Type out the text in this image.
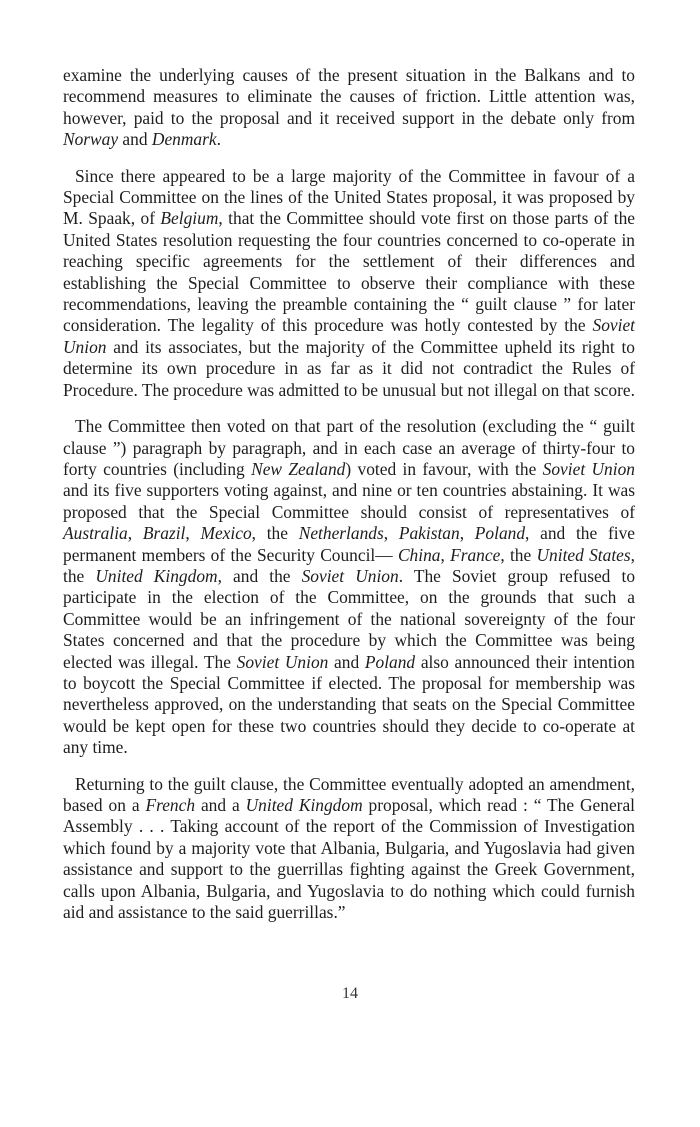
examine the underlying causes of the present situation in the Balkans and to recommend measures to eliminate the causes of friction. Little attention was, however, paid to the proposal and it received support in the debate only from Norway and Denmark.

Since there appeared to be a large majority of the Committee in favour of a Special Committee on the lines of the United States proposal, it was proposed by M. Spaak, of Belgium, that the Committee should vote first on those parts of the United States resolution requesting the four countries concerned to co-operate in reaching specific agreements for the settlement of their differences and establishing the Special Committee to observe their compliance with these recommendations, leaving the preamble containing the “ guilt clause ” for later consideration. The legality of this procedure was hotly contested by the Soviet Union and its associates, but the majority of the Committee upheld its right to determine its own procedure in as far as it did not contradict the Rules of Procedure. The procedure was admitted to be unusual but not illegal on that score.

The Committee then voted on that part of the resolution (excluding the “ guilt clause ”) paragraph by paragraph, and in each case an average of thirty-four to forty countries (including New Zealand) voted in favour, with the Soviet Union and its five supporters voting against, and nine or ten countries abstaining. It was proposed that the Special Committee should consist of representatives of Australia, Brazil, Mexico, the Netherlands, Pakistan, Poland, and the five permanent members of the Security Council— China, France, the United States, the United Kingdom, and the Soviet Union. The Soviet group refused to participate in the election of the Committee, on the grounds that such a Committee would be an infringement of the national sovereignty of the four States concerned and that the procedure by which the Committee was being elected was illegal. The Soviet Union and Poland also announced their intention to boycott the Special Committee if elected. The proposal for membership was nevertheless approved, on the understanding that seats on the Special Committee would be kept open for these two countries should they decide to co-operate at any time.

Returning to the guilt clause, the Committee eventually adopted an amendment, based on a French and a United Kingdom proposal, which read : “ The General Assembly . . . Taking account of the report of the Commission of Investigation which found by a majority vote that Albania, Bulgaria, and Yugoslavia had given assistance and support to the guerrillas fighting against the Greek Government, calls upon Albania, Bulgaria, and Yugoslavia to do nothing which could furnish aid and assistance to the said guerrillas.”

14
